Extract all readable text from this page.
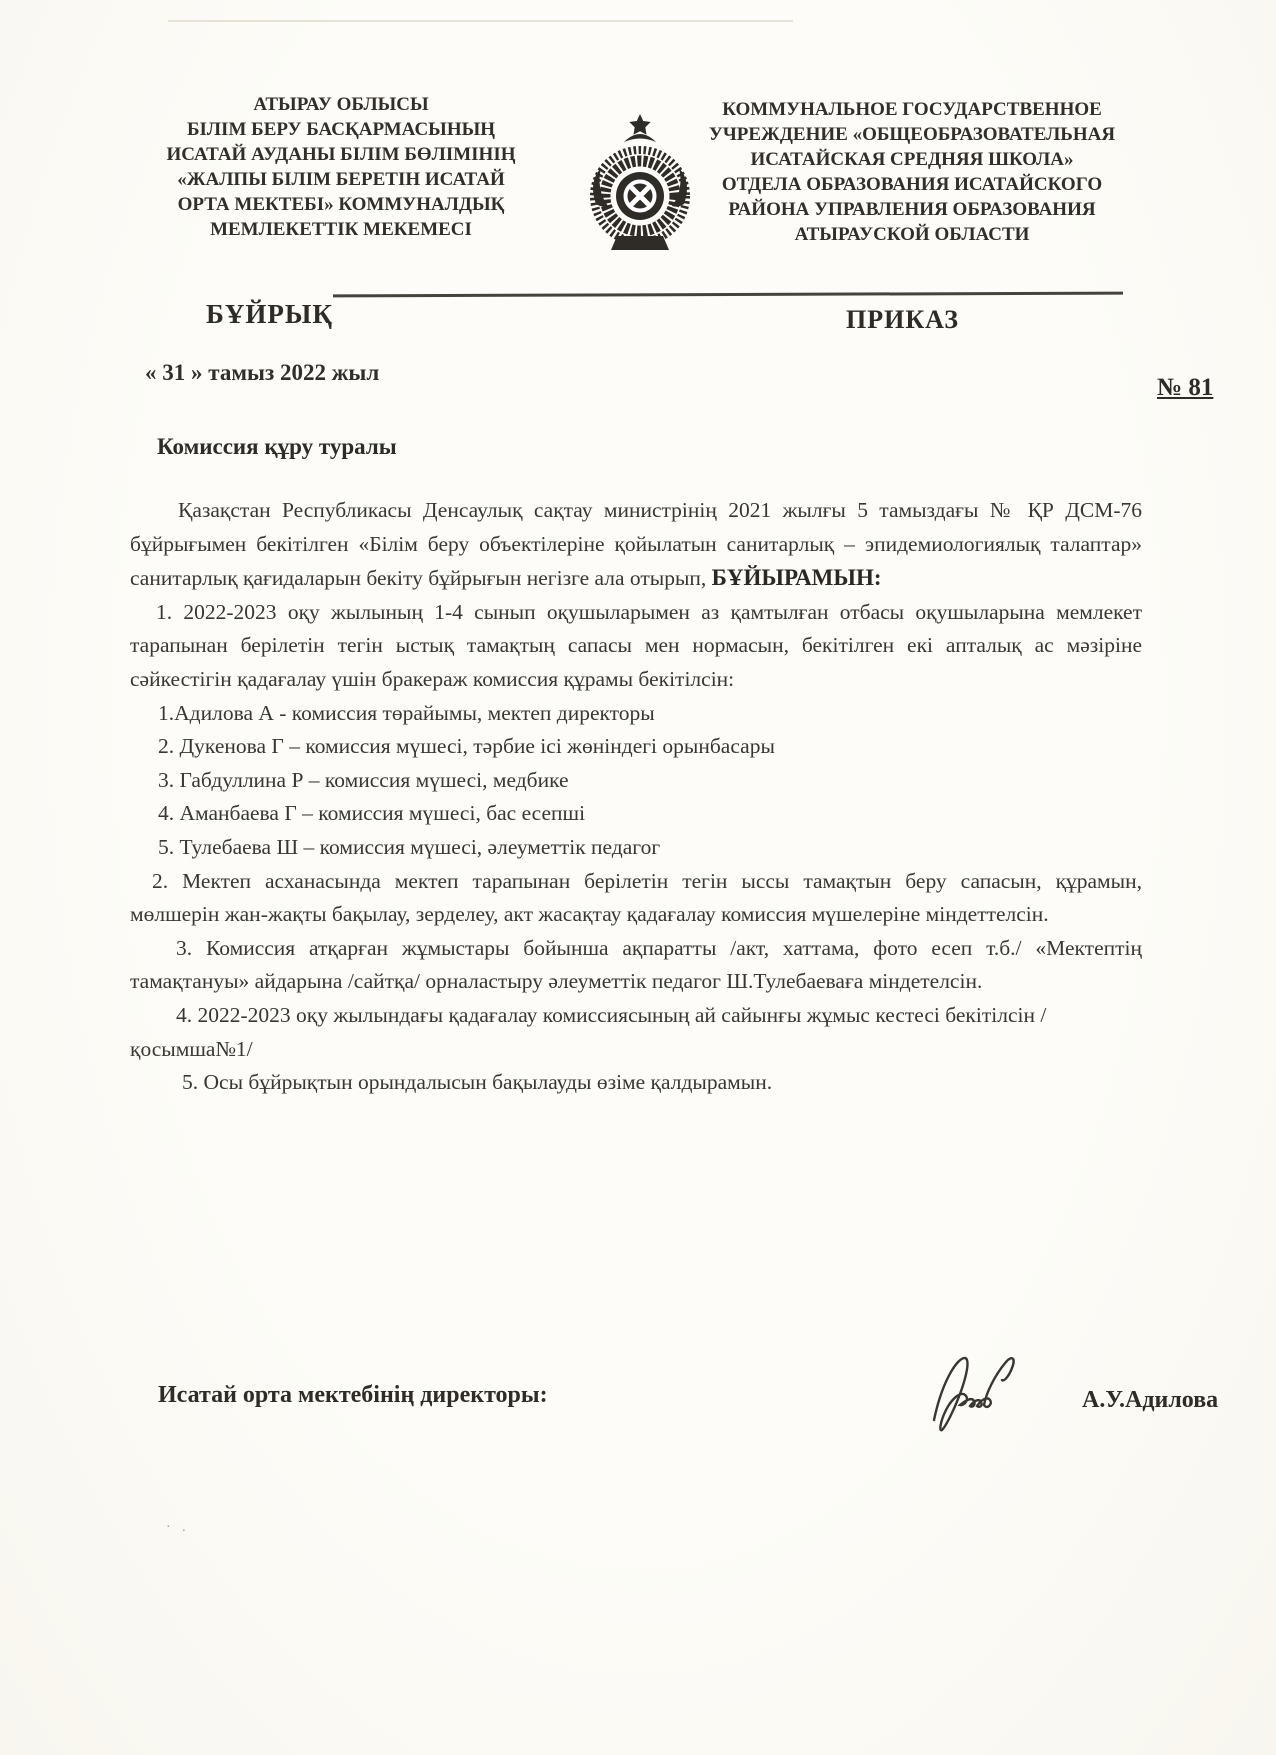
АТЫРАУ ОБЛЫСЫ
БІЛІМ БЕРУ БАСҚАРМАСЫНЫҢ
ИСАТАЙ АУДАНЫ БІЛІМ БӨЛІМІНІҢ
«ЖАЛПЫ БІЛІМ БЕРЕТІН ИСАТАЙ
ОРТА МЕКТЕБІ» КОММУНАЛДЫҚ
МЕМЛЕКЕТТІК МЕКЕМЕСІ
КОММУНАЛЬНОЕ ГОСУДАРСТВЕННОЕ
УЧРЕЖДЕНИЕ «ОБЩЕОБРАЗОВАТЕЛЬНАЯ
ИСАТАЙСКАЯ СРЕДНЯЯ ШКОЛА»
ОТДЕЛА ОБРАЗОВАНИЯ ИСАТАЙСКОГО
РАЙОНА УПРАВЛЕНИЯ ОБРАЗОВАНИЯ
АТЫРАУСКОЙ ОБЛАСТИ
БҰЙРЫҚ	ПРИКАЗ
« 31 » тамыз 2022 жыл
№ 81
Комиссия құру туралы

Қазақстан Республикасы Денсаулық сақтау министрінің 2021 жылғы 5 тамыздағы № ҚР ДСМ-76 бұйрығымен бекітілген «Білім беру объектілеріне қойылатын санитарлық – эпидемиологиялық талаптар» санитарлық қағидаларын бекіту бұйрығын негізге ала отырып, БҰЙЫРАМЫН:

1. 2022-2023 оқу жылының 1-4 сынып оқушыларымен аз қамтылған отбасы оқушыларына мемлекет тарапынан берілетін тегін ыстық тамақтың сапасы мен нормасын, бекітілген екі апталық ас мәзіріне сәйкестігін қадағалау үшін бракераж комиссия құрамы бекітілсін:

1.Адилова А - комиссия төрайымы, мектеп директоры
2. Дукенова Г – комиссия мүшесі, тәрбие ісі жөніндегі орынбасары
3. Габдуллина Р – комиссия мүшесі, медбике
4. Аманбаева Г – комиссия мүшесі, бас есепші
5. Тулебаева Ш – комиссия мүшесі, әлеуметтік педагог

2. Мектеп асханасында мектеп тарапынан берілетін тегін ыссы тамақтын беру сапасын, құрамын, мөлшерін жан-жақты бақылау, зерделеу, акт жасақтау қадағалау комиссия мүшелеріне міндеттелсін.

3. Комиссия атқарған жұмыстары бойынша ақпаратты /акт, хаттама, фото есеп т.б./ «Мектептің тамақтануы» айдарына /сайтқа/ орналастыру әлеуметтік педагог Ш.Тулебаеваға міндетелсін.

4. 2022-2023 оқу жылындағы қадағалау комиссиясының ай сайынғы жұмыс кестесі бекітілсін /қосымша№1/

5. Осы бұйрықтын орындалысын бақылауды өзіме қалдырамын.

Исатай орта мектебінің директоры:	А.У.Адилова
· .
